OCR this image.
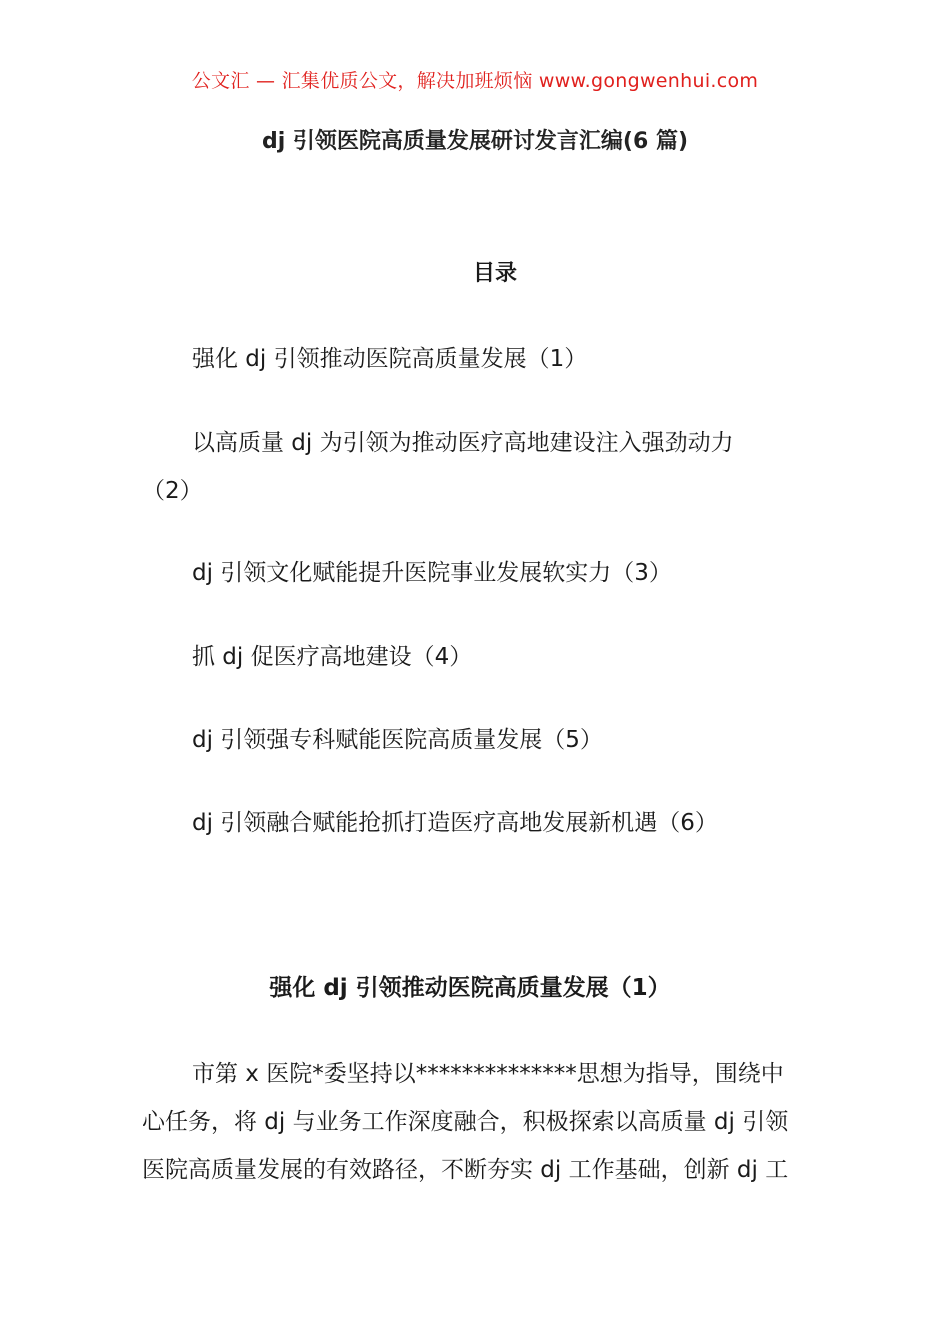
公文汇 — 汇集优质公文，解决加班烦恼 www.gongwenhui.com
dj 引领医院高质量发展研讨发言汇编(6 篇)
目录
强化 dj 引领推动医院高质量发展（1）
以高质量 dj 为引领为推动医疗高地建设注入强劲动力
（2）
dj 引领文化赋能提升医院事业发展软实力（3）
抓 dj 促医疗高地建设（4）
dj 引领强专科赋能医院高质量发展（5）
dj 引领融合赋能抢抓打造医疗高地发展新机遇（6）
强化 dj 引领推动医院高质量发展（1）
市第 x 医院*委坚持以**************思想为指导，围绕中
心任务，将 dj 与业务工作深度融合，积极探索以高质量 dj 引领
医院高质量发展的有效路径，不断夯实 dj 工作基础，创新 dj 工
